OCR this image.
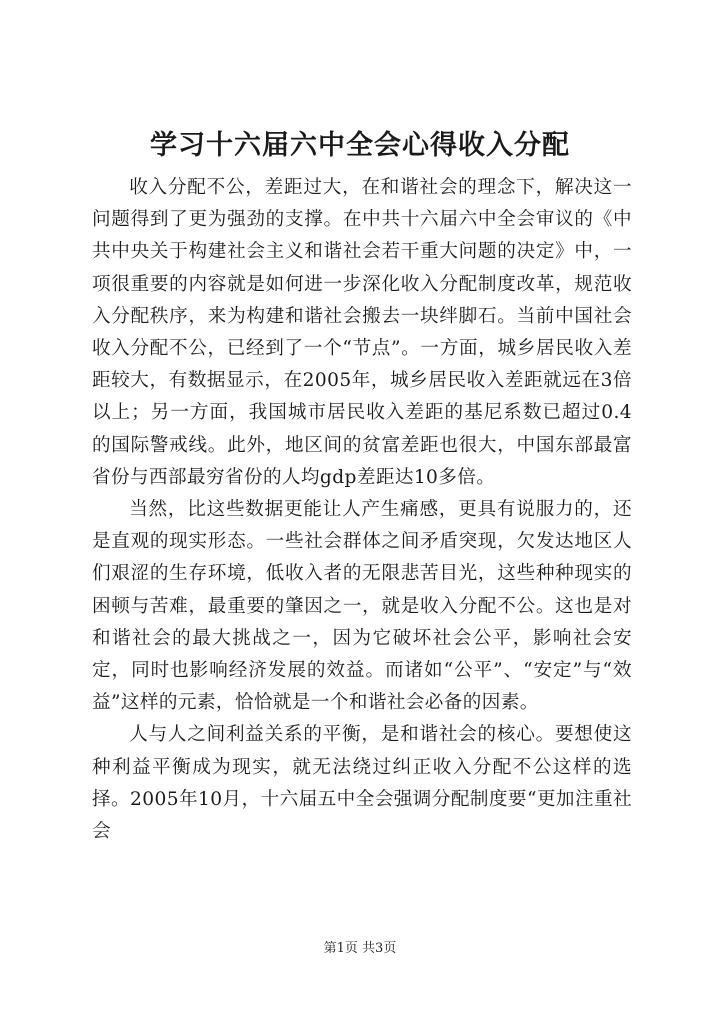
学习十六届六中全会心得收入分配

收入分配不公，差距过大，在和谐社会的理念下，解决这一问题得到了更为强劲的支撑。在中共十六届六中全会审议的《中共中央关于构建社会主义和谐社会若干重大问题的决定》中，一项很重要的内容就是如何进一步深化收入分配制度改革，规范收入分配秩序，来为构建和谐社会搬去一块绊脚石。当前中国社会收入分配不公，已经到了一个“节点”。一方面，城乡居民收入差距较大，有数据显示，在2005年，城乡居民收入差距就远在3倍以上；另一方面，我国城市居民收入差距的基尼系数已超过0.4的国际警戒线。此外，地区间的贫富差距也很大，中国东部最富省份与西部最穷省份的人均gdp差距达10多倍。

当然，比这些数据更能让人产生痛感，更具有说服力的，还是直观的现实形态。一些社会群体之间矛盾突现，欠发达地区人们艰涩的生存环境，低收入者的无限悲苦目光，这些种种现实的困顿与苦难，最重要的肇因之一，就是收入分配不公。这也是对和谐社会的最大挑战之一，因为它破坏社会公平，影响社会安定，同时也影响经济发展的效益。而诸如“公平”、“安定”与“效益”这样的元素，恰恰就是一个和谐社会必备的因素。

人与人之间利益关系的平衡，是和谐社会的核心。要想使这种利益平衡成为现实，就无法绕过纠正收入分配不公这样的选择。2005年10月，十六届五中全会强调分配制度要“更加注重社会

第1页 共3页
